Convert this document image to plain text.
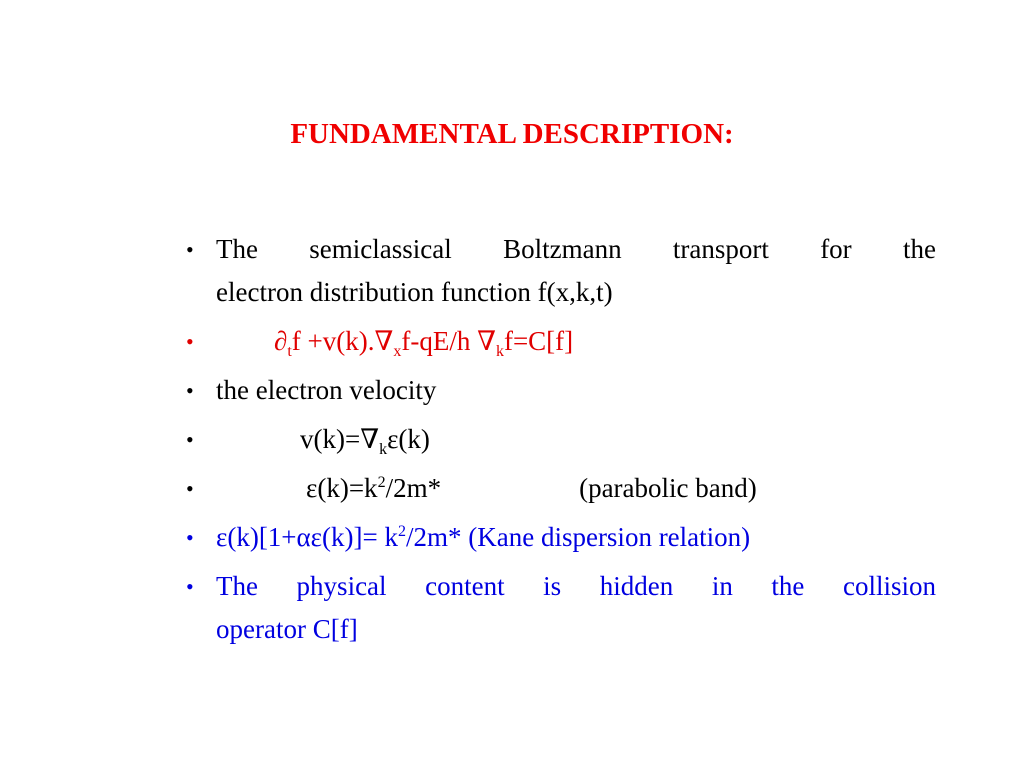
FUNDAMENTAL DESCRIPTION:
• The semiclassical Boltzmann transport for the
electron distribution function f(x,k,t)
•	$\partial_tf +v(k).\nabla_xf-qE/h$ $\nabla_kf=C[f]$
• the electron velocity
•	$v(k)=\nabla_k\varepsilon(k)$
•	$\varepsilon(k)=k^2/2m*$	(parabolic band)
• $\varepsilon(k)[1+\alpha\varepsilon(k)]= k^2/2m*$ (Kane dispersion relation)
• The physical content is hidden in the collision
operator C[f]
